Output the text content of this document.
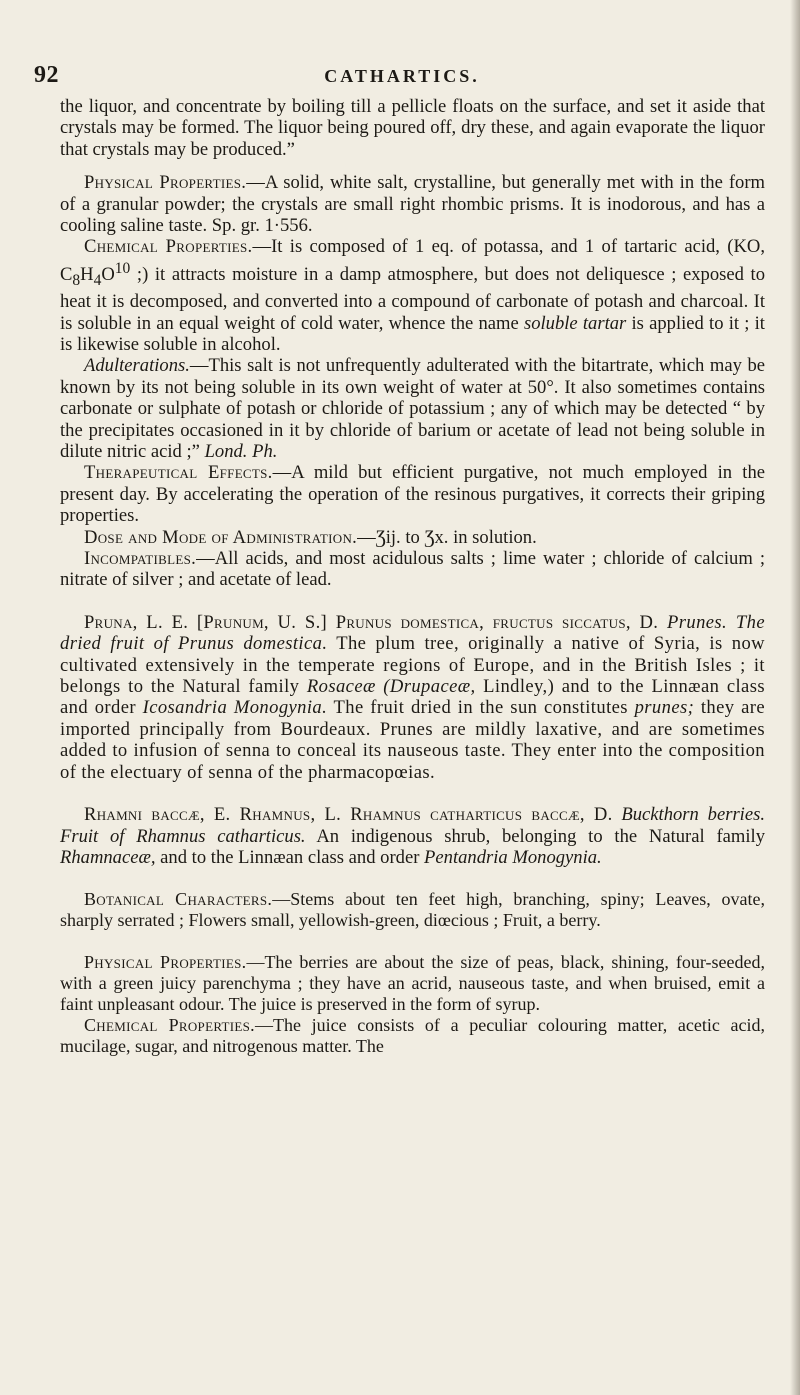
92	CATHARTICS.

the liquor, and concentrate by boiling till a pellicle floats on the surface, and set it aside that crystals may be formed. The liquor being poured off, dry these, and again evaporate the liquor that crystals may be produced.”

Physical Properties.—A solid, white salt, crystalline, but generally met with in the form of a granular powder; the crystals are small right rhombic prisms. It is inodorous, and has a cooling saline taste. Sp. gr. 1·556.

Chemical Properties.—It is composed of 1 eq. of potassa, and 1 of tartaric acid, (KO, $C_8H_4O^{10}$ ;) it attracts moisture in a damp atmosphere, but does not deliquesce ; exposed to heat it is decomposed, and converted into a compound of carbonate of potash and charcoal. It is soluble in an equal weight of cold water, whence the name soluble tartar is applied to it ; it is likewise soluble in alcohol.

Adulterations.—This salt is not unfrequently adulterated with the bitartrate, which may be known by its not being soluble in its own weight of water at 50°. It also sometimes contains carbonate or sulphate of potash or chloride of potassium ; any of which may be detected “ by the precipitates occasioned in it by chloride of barium or acetate of lead not being soluble in dilute nitric acid ;” Lond. Ph.

Therapeutical Effects.—A mild but efficient purgative, not much employed in the present day. By accelerating the operation of the resinous purgatives, it corrects their griping properties.

Dose and Mode of Administration.—Ʒij. to Ʒx. in solution.

Incompatibles.—All acids, and most acidulous salts ; lime water ; chloride of calcium ; nitrate of silver ; and acetate of lead.

Pruna, L. E. [Prunum, U. S.] Prunus domestica, fructus siccatus, D. Prunes. The dried fruit of Prunus domestica. The plum tree, originally a native of Syria, is now cultivated extensively in the temperate regions of Europe, and in the British Isles ; it belongs to the Natural family Rosaceæ (Drupaceæ, Lindley,) and to the Linnæan class and order Icosandria Monogynia. The fruit dried in the sun constitutes prunes; they are imported principally from Bourdeaux. Prunes are mildly laxative, and are sometimes added to infusion of senna to conceal its nauseous taste. They enter into the composition of the electuary of senna of the pharmacopœias.

Rhamni baccæ, E. Rhamnus, L. Rhamnus catharticus baccæ, D. Buckthorn berries. Fruit of Rhamnus catharticus. An indigenous shrub, belonging to the Natural family Rhamnaceæ, and to the Linnæan class and order Pentandria Monogynia.

Botanical Characters.—Stems about ten feet high, branching, spiny; Leaves, ovate, sharply serrated ; Flowers small, yellowish-green, diœcious ; Fruit, a berry.

Physical Properties.—The berries are about the size of peas, black, shining, four-seeded, with a green juicy parenchyma ; they have an acrid, nauseous taste, and when bruised, emit a faint unpleasant odour. The juice is preserved in the form of syrup.

Chemical Properties.—The juice consists of a peculiar colouring matter, acetic acid, mucilage, sugar, and nitrogenous matter. The
